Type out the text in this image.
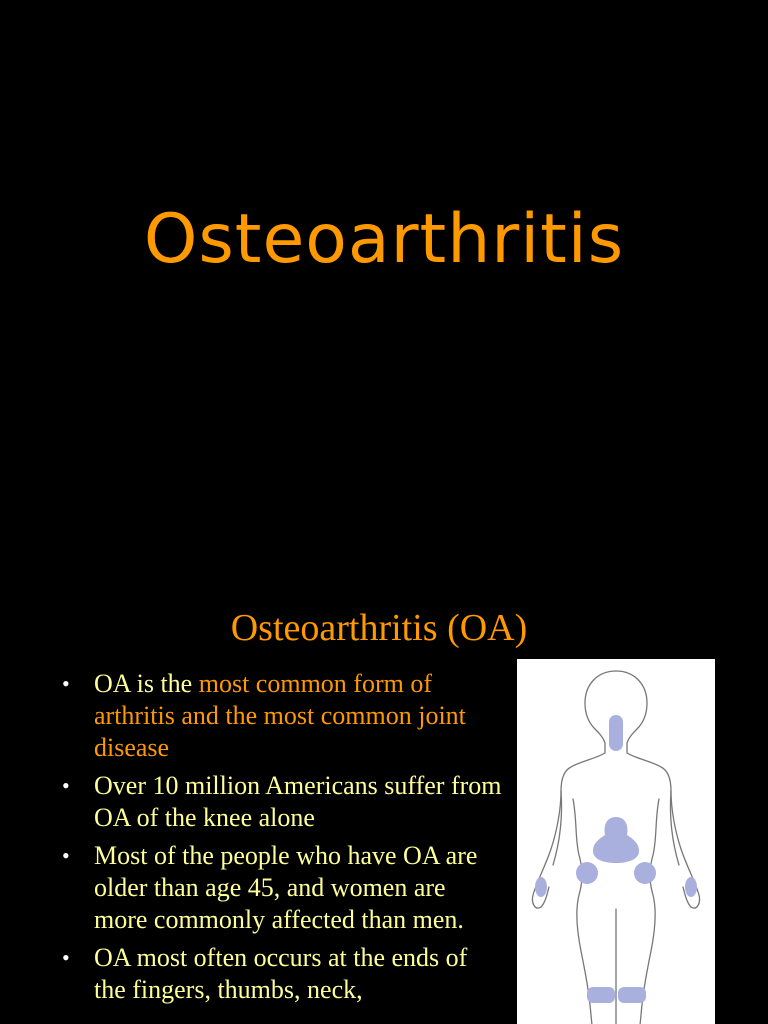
Osteoarthritis
Osteoarthritis (OA)
• OA is the most common form of arthritis and the most common joint disease
• Over 10 million Americans suffer from OA of the knee alone
• Most of the people who have OA are older than age 45, and women are more commonly affected than men.
• OA most often occurs at the ends of the fingers, thumbs, neck,
